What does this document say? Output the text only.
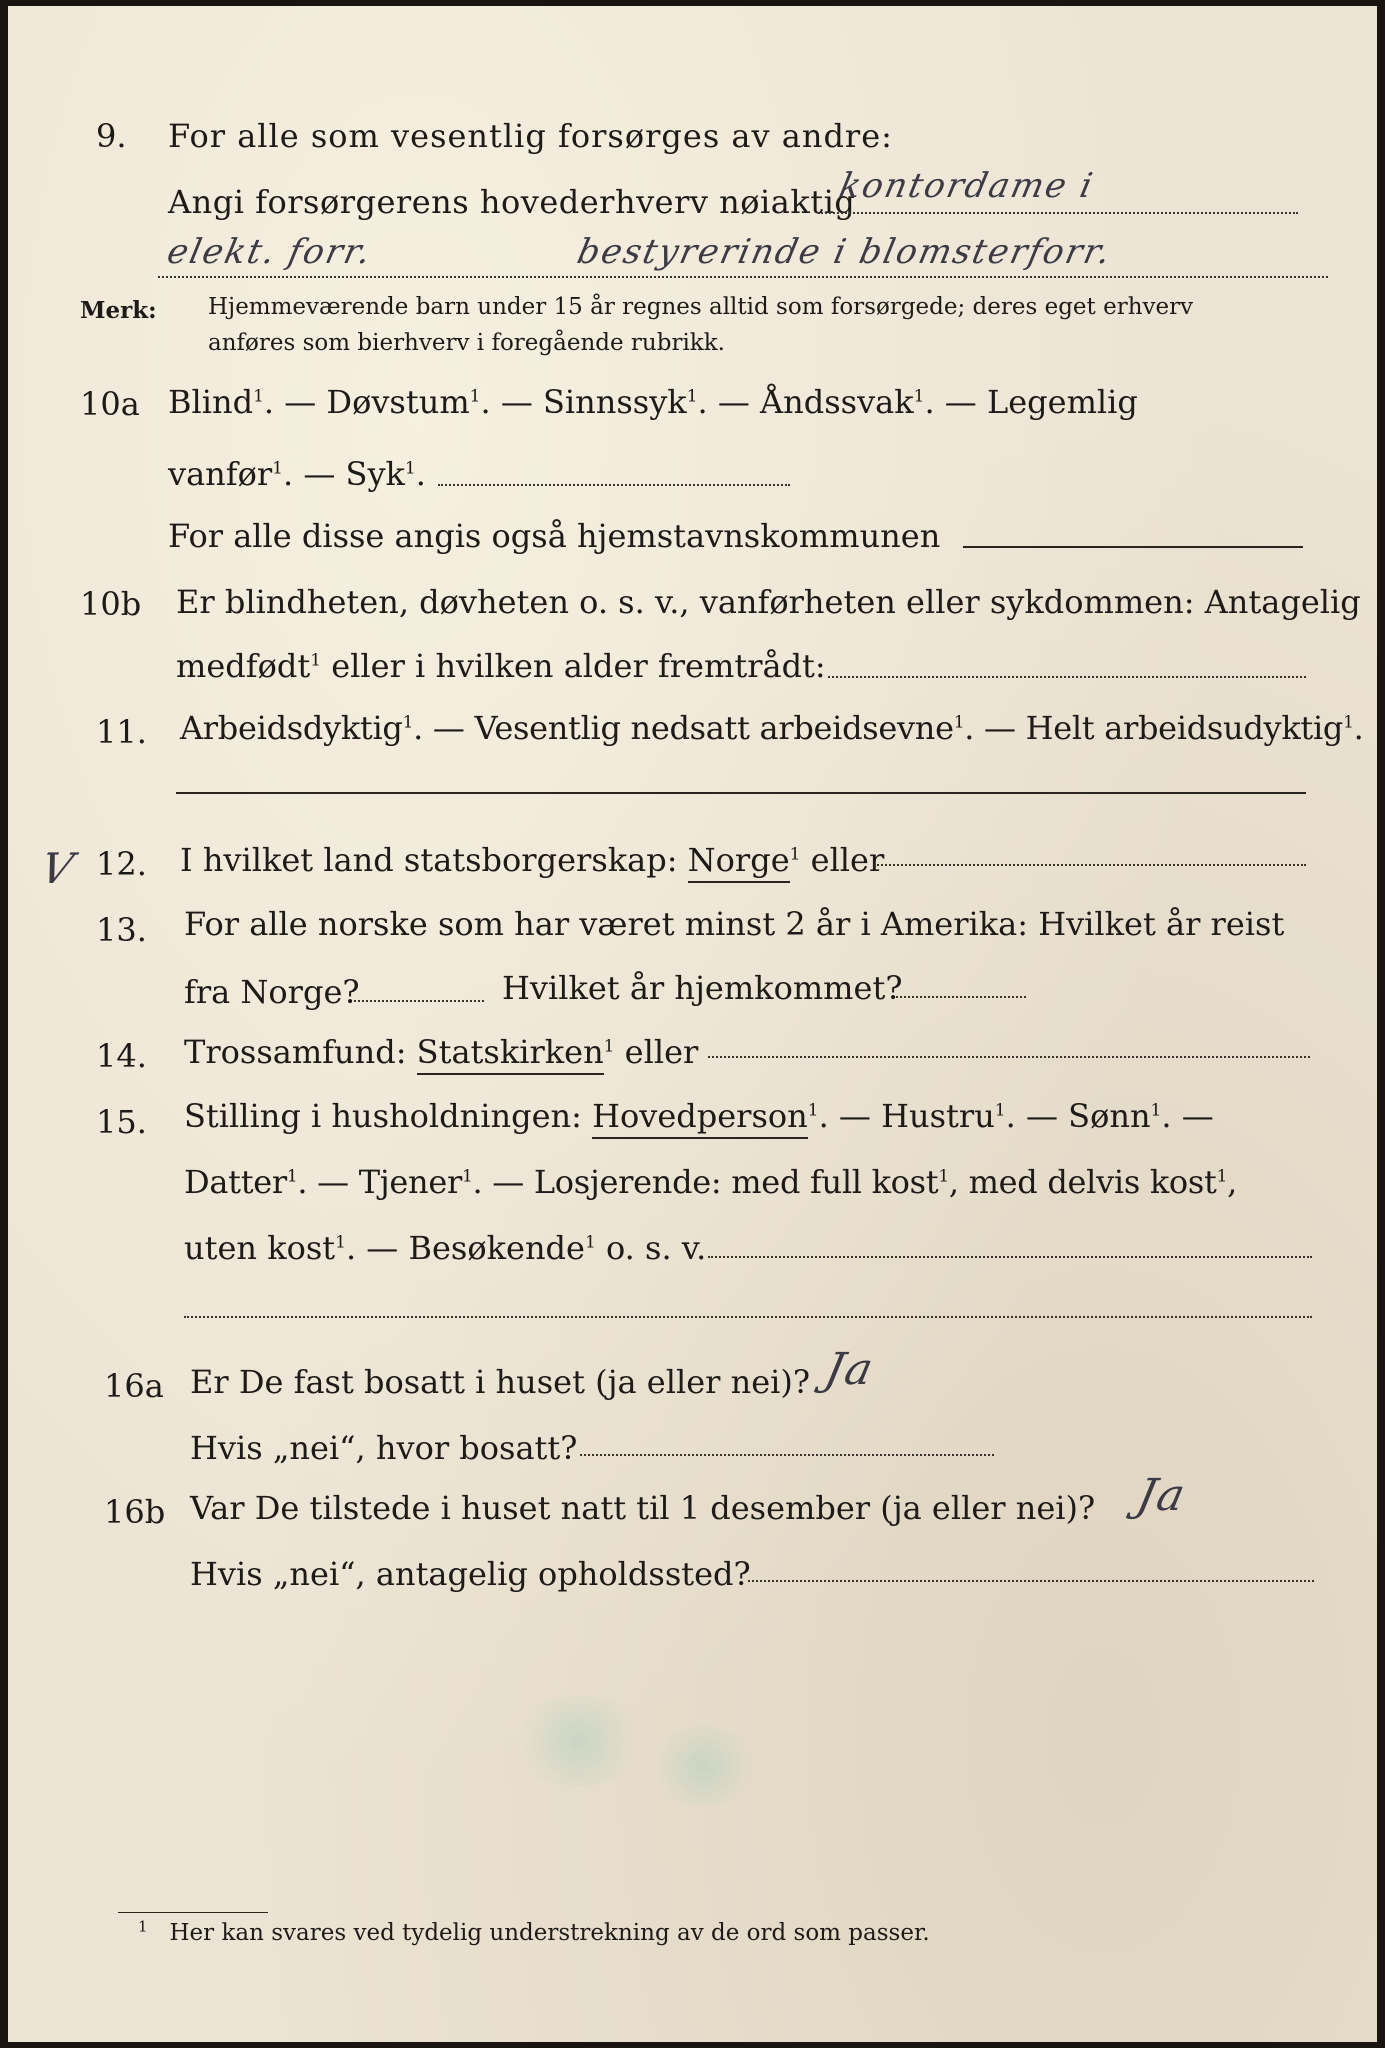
9. For alle som vesentlig forsørges av andre:
Angi forsørgerens hovederhverv nøiaktig
kontordame i
elekt. forr.	bestyrerinde i blomsterforr.
Merk: Hjemmeværende barn under 15 år regnes alltid som forsørgede; deres eget erhverv
anføres som bierhverv i foregående rubrikk.
10a Blind$^1$. — Døvstum$^1$. — Sinnssyk$^1$. — Åndssvak$^1$. — Legemlig
vanfør$^1$. — Syk$^1$.
For alle disse angis også hjemstavnskommunen
10b Er blindheten, døvheten o. s. v., vanførheten eller sykdommen: Antagelig
medfødt$^1$ eller i hvilken alder fremtrådt:
11. Arbeidsdyktig$^1$. — Vesentlig nedsatt arbeidsevne$^1$. — Helt arbeidsudyktig$^1$.
V 12. I hvilket land statsborgerskap: Norge$^1$ eller
13. For alle norske som har været minst 2 år i Amerika: Hvilket år reist
fra Norge?	Hvilket år hjemkommet?
14. Trossamfund: Statskirken$^1$ eller
15. Stilling i husholdningen: Hovedperson$^1$. — Hustru$^1$. — Sønn$^1$. —
Datter$^1$. — Tjener$^1$. — Losjerende: med full kost$^1$, med delvis kost$^1$,
uten kost$^1$. — Besøkende$^1$ o. s. v.
16a Er De fast bosatt i huset (ja eller nei)? Ja
Hvis „nei“, hvor bosatt?
16b Var De tilstede i huset natt til 1 desember (ja eller nei)? Ja
Hvis „nei“, antagelig opholdssted?
$^1$ Her kan svares ved tydelig understrekning av de ord som passer.
